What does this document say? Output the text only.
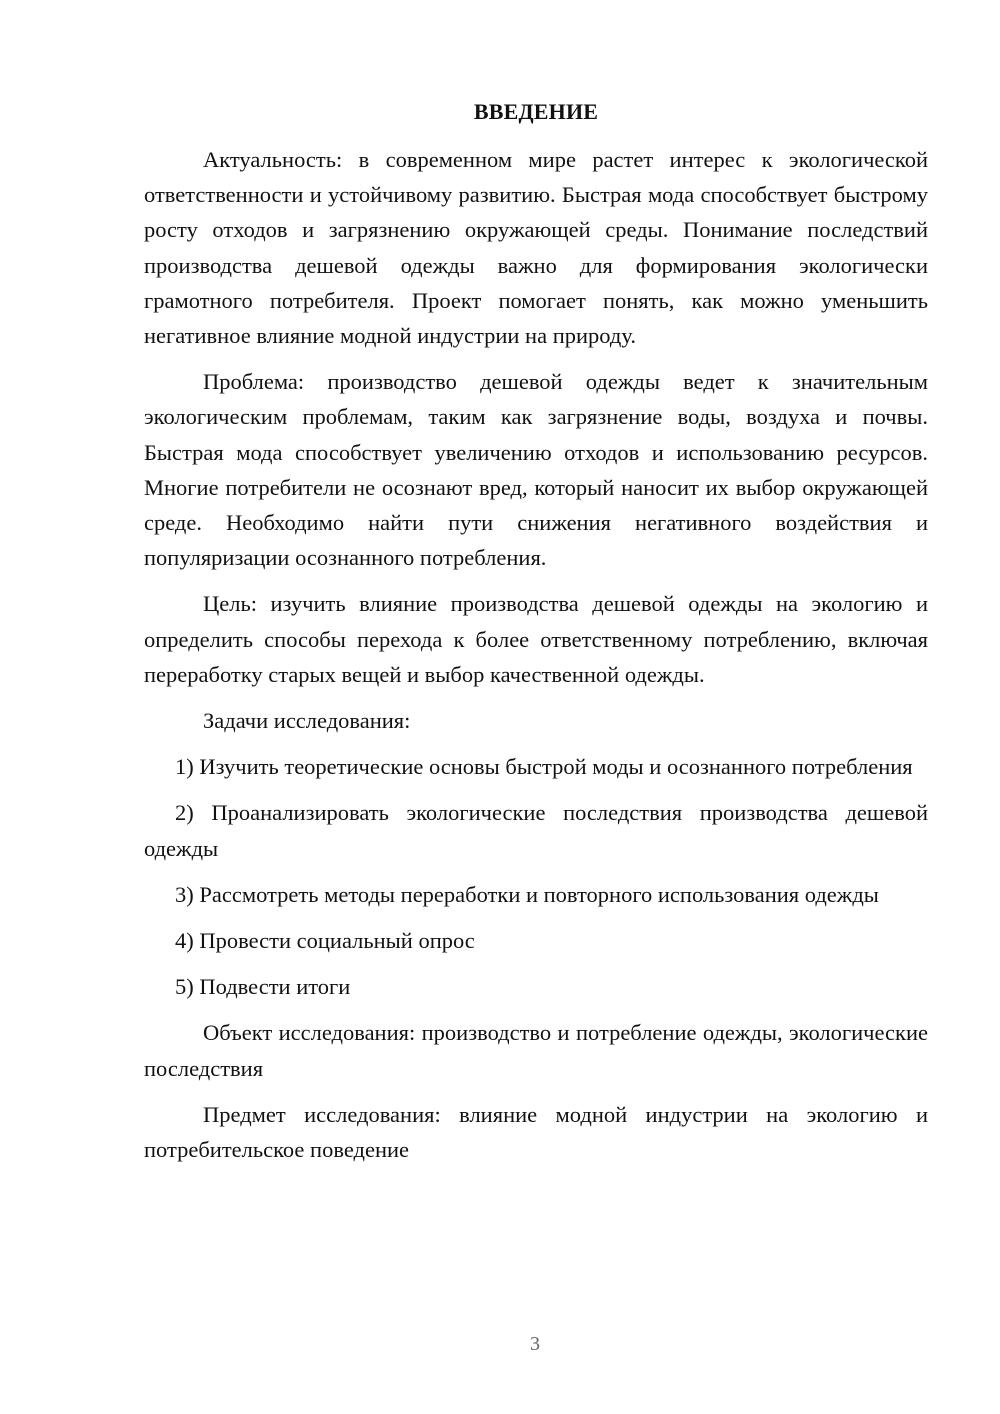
ВВЕДЕНИЕ

Актуальность: в современном мире растет интерес к экологической ответственности и устойчивому развитию. Быстрая мода способствует быстрому росту отходов и загрязнению окружающей среды. Понимание последствий производства дешевой одежды важно для формирования экологически грамотного потребителя. Проект помогает понять, как можно уменьшить негативное влияние модной индустрии на природу.

Проблема: производство дешевой одежды ведет к значительным экологическим проблемам, таким как загрязнение воды, воздуха и почвы. Быстрая мода способствует увеличению отходов и использованию ресурсов. Многие потребители не осознают вред, который наносит их выбор окружающей среде. Необходимо найти пути снижения негативного воздействия и популяризации осознанного потребления.

Цель: изучить влияние производства дешевой одежды на экологию и определить способы перехода к более ответственному потреблению, включая переработку старых вещей и выбор качественной одежды.

Задачи исследования:

1) Изучить теоретические основы быстрой моды и осознанного потребления

2) Проанализировать экологические последствия производства дешевой одежды

3) Рассмотреть методы переработки и повторного использования одежды

4) Провести социальный опрос

5) Подвести итоги

Объект исследования: производство и потребление одежды, экологические последствия

Предмет исследования: влияние модной индустрии на экологию и потребительское поведение

3
